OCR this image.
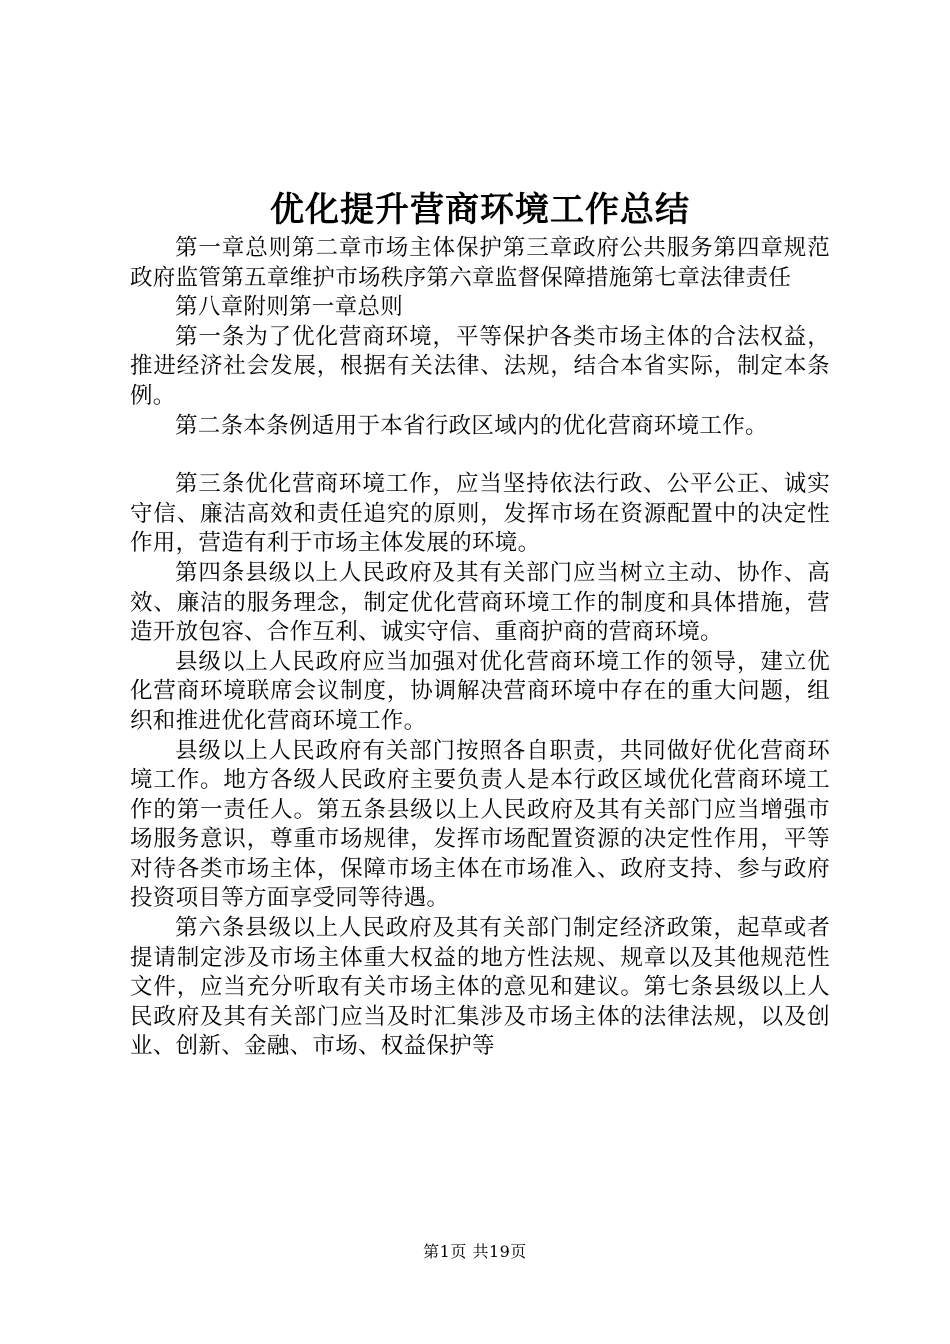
优化提升营商环境工作总结

第一章总则第二章市场主体保护第三章政府公共服务第四章规范政府监管第五章维护市场秩序第六章监督保障措施第七章法律责任

第八章附则第一章总则

第一条为了优化营商环境，平等保护各类市场主体的合法权益，推进经济社会发展，根据有关法律、法规，结合本省实际，制定本条例。

第二条本条例适用于本省行政区域内的优化营商环境工作。

第三条优化营商环境工作，应当坚持依法行政、公平公正、诚实守信、廉洁高效和责任追究的原则，发挥市场在资源配置中的决定性作用，营造有利于市场主体发展的环境。

第四条县级以上人民政府及其有关部门应当树立主动、协作、高效、廉洁的服务理念，制定优化营商环境工作的制度和具体措施，营造开放包容、合作互利、诚实守信、重商护商的营商环境。

县级以上人民政府应当加强对优化营商环境工作的领导，建立优化营商环境联席会议制度，协调解决营商环境中存在的重大问题，组织和推进优化营商环境工作。

县级以上人民政府有关部门按照各自职责，共同做好优化营商环境工作。地方各级人民政府主要负责人是本行政区域优化营商环境工作的第一责任人。第五条县级以上人民政府及其有关部门应当增强市场服务意识，尊重市场规律，发挥市场配置资源的决定性作用，平等对待各类市场主体，保障市场主体在市场准入、政府支持、参与政府投资项目等方面享受同等待遇。

第六条县级以上人民政府及其有关部门制定经济政策，起草或者提请制定涉及市场主体重大权益的地方性法规、规章以及其他规范性文件，应当充分听取有关市场主体的意见和建议。第七条县级以上人民政府及其有关部门应当及时汇集涉及市场主体的法律法规，以及创业、创新、金融、市场、权益保护等

第1页 共19页
